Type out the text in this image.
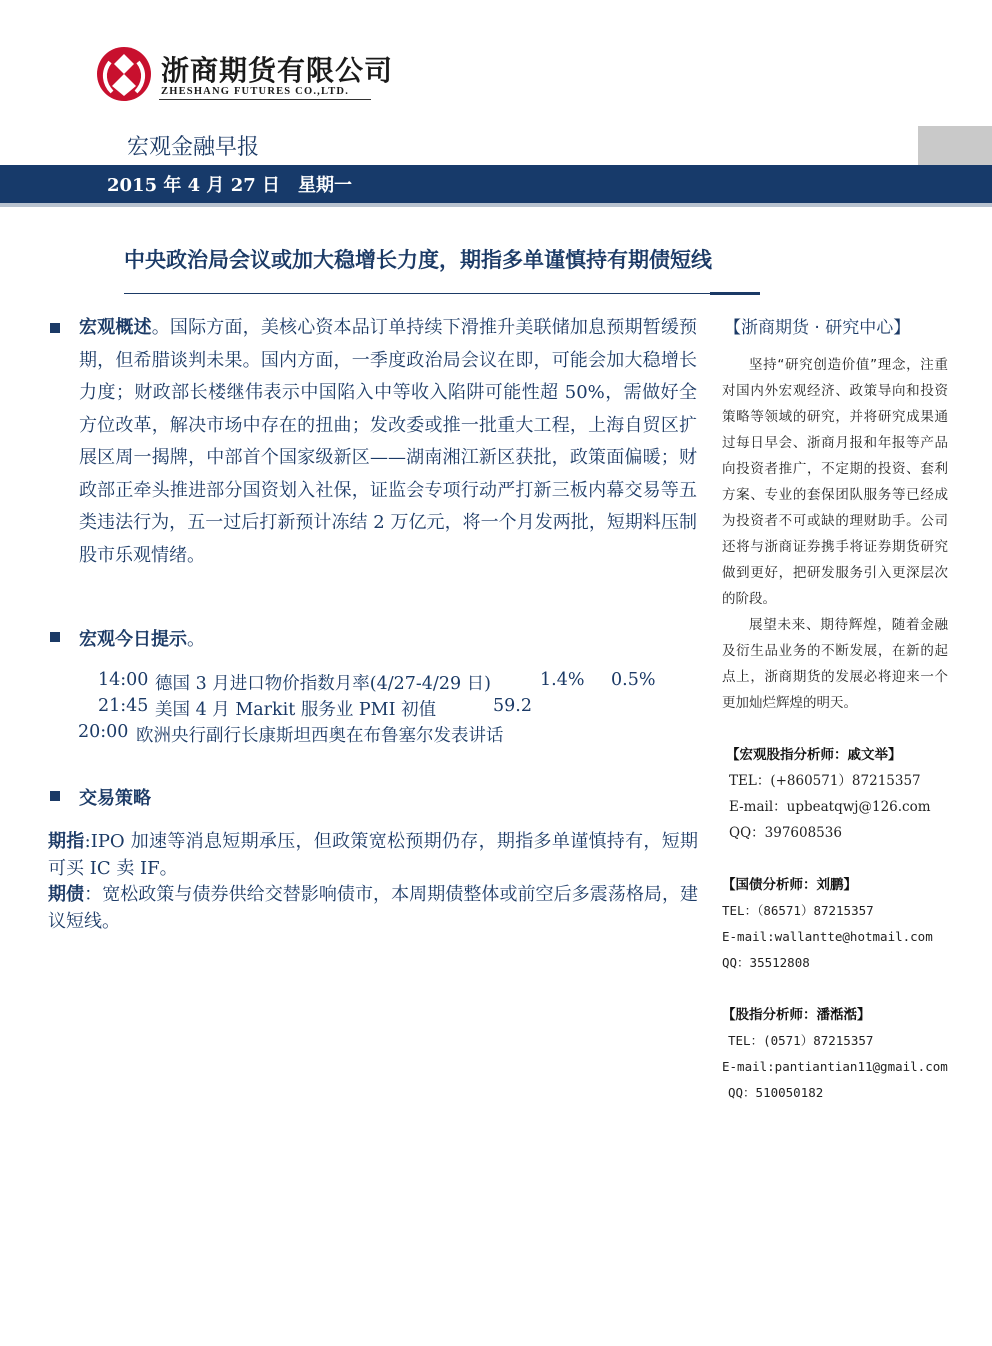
浙商期货有限公司
ZHESHANG FUTURES CO.,LTD.
宏观金融早报
2015 年 4 月 27 日 星期一
中央政治局会议或加大稳增长力度，期指多单谨慎持有期债短线
宏观概述。国际方面，美核心资本品订单持续下滑推升美联储加息预期暂缓预期，但希腊谈判未果。国内方面，一季度政治局会议在即，可能会加大稳增长力度；财政部长楼继伟表示中国陷入中等收入陷阱可能性超 50%，需做好全方位改革，解决市场中存在的扭曲；发改委或推一批重大工程，上海自贸区扩展区周一揭牌，中部首个国家级新区——湖南湘江新区获批，政策面偏暖；财政部正牵头推进部分国资划入社保，证监会专项行动严打新三板内幕交易等五类违法行为，五一过后打新预计冻结 2 万亿元，将一个月发两批，短期料压制股市乐观情绪。
宏观今日提示。
14:00 德国 3 月进口物价指数月率(4/27-4/29 日)	1.4% 0.5%
21:45 美国 4 月 Markit 服务业 PMI 初值	59.2
20:00 欧洲央行副行长康斯坦西奥在布鲁塞尔发表讲话
交易策略
期指:IPO 加速等消息短期承压，但政策宽松预期仍存，期指多单谨慎持有，短期可买 IC 卖 IF。
期债：宽松政策与债券供给交替影响债市，本周期债整体或前空后多震荡格局，建议短线。
【浙商期货 · 研究中心】

坚持“研究创造价值”理念，注重对国内外宏观经济、政策导向和投资策略等领域的研究，并将研究成果通过每日早会、浙商月报和年报等产品向投资者推广，不定期的投资、套利方案、专业的套保团队服务等已经成为投资者不可或缺的理财助手。公司还将与浙商证券携手将证券期货研究做到更好，把研发服务引入更深层次的阶段。

展望未来、期待辉煌，随着金融及衍生品业务的不断发展，在新的起点上，浙商期货的发展必将迎来一个更加灿烂辉煌的明天。

【宏观股指分析师：戚文举】
TEL：(+860571）87215357
E-mail：upbeatqwj@126.com
QQ：397608536
【国债分析师：刘鹏】
TEL：（86571）87215357
E-mail:wallantte@hotmail.com
QQ：35512808
【股指分析师：潘湉湉】
TEL：(0571）87215357
E-mail:pantiantian11@gmail.com
QQ：510050182
